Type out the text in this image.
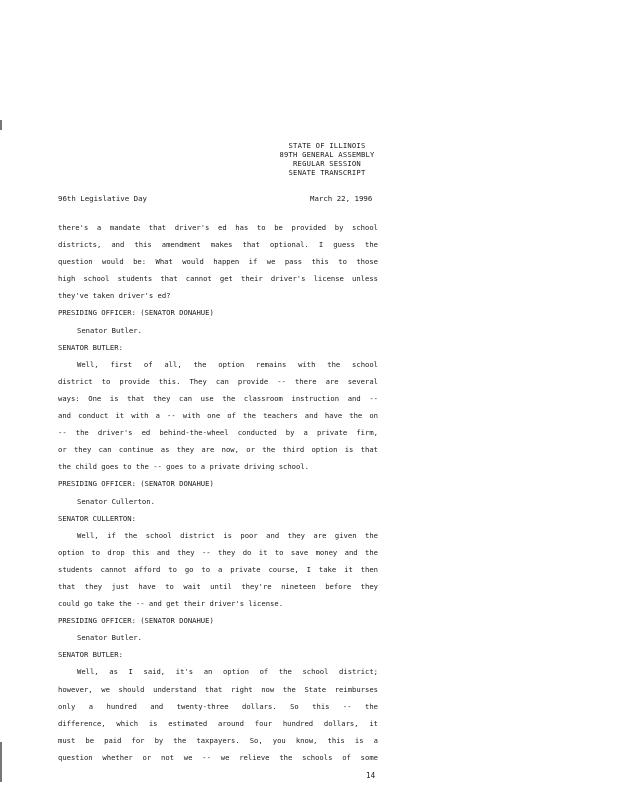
STATE OF ILLINOIS
89TH GENERAL ASSEMBLY
REGULAR SESSION
SENATE TRANSCRIPT
96th Legislative Day	March 22, 1996
there's a mandate that driver's ed has to be provided by school
districts, and this amendment makes that optional. I guess the
question would be: What would happen if we pass this to those
high school students that cannot get their driver's license unless
they've taken driver's ed?
PRESIDING OFFICER: (SENATOR DONAHUE)
Senator Butler.
SENATOR BUTLER:
Well, first of all, the option remains with the school
district to provide this. They can provide -- there are several
ways: One is that they can use the classroom instruction and --
and conduct it with a -- with one of the teachers and have the on
-- the driver's ed behind-the-wheel conducted by a private firm,
or they can continue as they are now, or the third option is that
the child goes to the -- goes to a private driving school.
PRESIDING OFFICER: (SENATOR DONAHUE)
Senator Cullerton.
SENATOR CULLERTON:
Well, if the school district is poor and they are given the
option to drop this and they -- they do it to save money and the
students cannot afford to go to a private course, I take it then
that they just have to wait until they're nineteen before they
could go take the -- and get their driver's license.
PRESIDING OFFICER: (SENATOR DONAHUE)
Senator Butler.
SENATOR BUTLER:
Well, as I said, it's an option of the school district;
however, we should understand that right now the State reimburses
only a hundred and twenty-three dollars. So this -- the
difference, which is estimated around four hundred dollars, it
must be paid for by the taxpayers. So, you know, this is a
question whether or not we -- we relieve the schools of some
14
